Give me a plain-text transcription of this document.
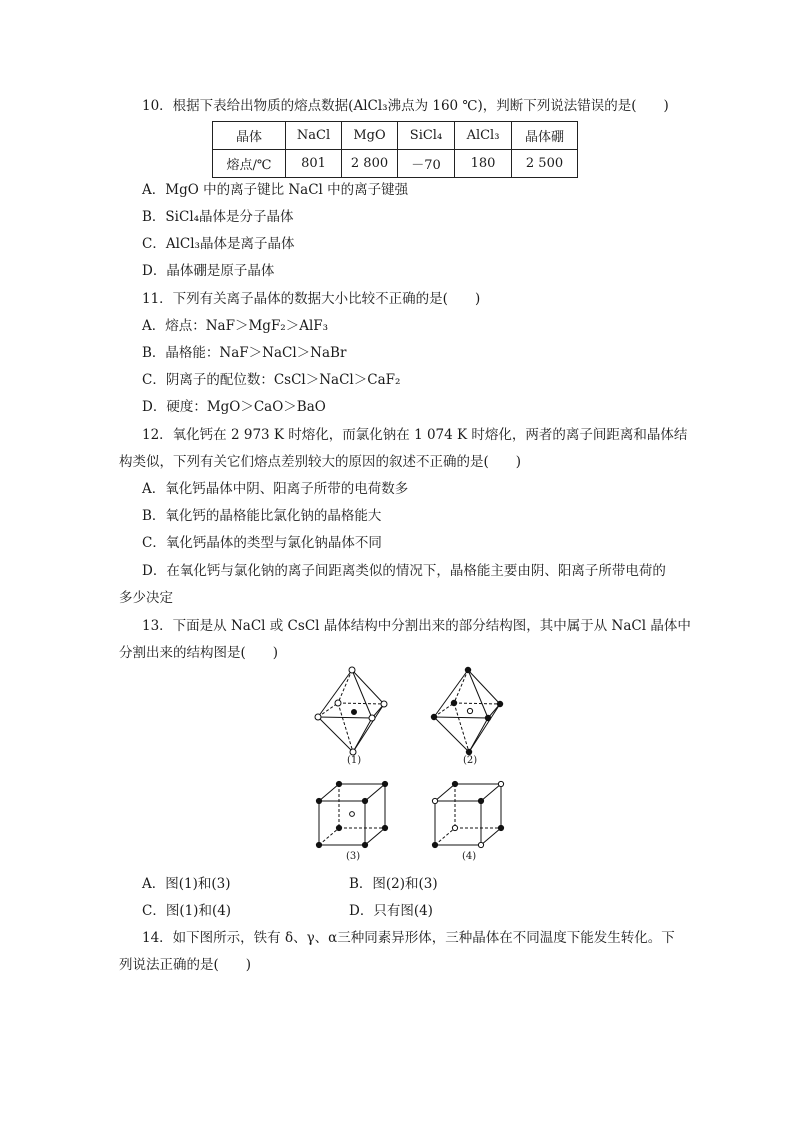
10．根据下表给出物质的熔点数据(AlCl₃沸点为 160 ℃)，判断下列说法错误的是(　　)
晶体	NaCl	MgO	SiCl₄	AlCl₃	晶体硼
熔点/℃	801	2 800	－70	180	2 500
A．MgO 中的离子键比 NaCl 中的离子键强
B．SiCl₄晶体是分子晶体
C．AlCl₃晶体是离子晶体
D．晶体硼是原子晶体
11．下列有关离子晶体的数据大小比较不正确的是(　　)
A．熔点：NaF＞MgF₂＞AlF₃
B．晶格能：NaF＞NaCl＞NaBr
C．阴离子的配位数：CsCl＞NaCl＞CaF₂
D．硬度：MgO＞CaO＞BaO
12．氧化钙在 2 973 K 时熔化，而氯化钠在 1 074 K 时熔化，两者的离子间距离和晶体结
构类似，下列有关它们熔点差别较大的原因的叙述不正确的是(　　)
A．氧化钙晶体中阴、阳离子所带的电荷数多
B．氧化钙的晶格能比氯化钠的晶格能大
C．氧化钙晶体的类型与氯化钠晶体不同
D．在氧化钙与氯化钠的离子间距离类似的情况下，晶格能主要由阴、阳离子所带电荷的
多少决定
13．下面是从 NaCl 或 CsCl 晶体结构中分割出来的部分结构图，其中属于从 NaCl 晶体中
分割出来的结构图是(　　)
(1)	(2)
(3)	(4)
A．图(1)和(3)	B．图(2)和(3)
C．图(1)和(4)	D．只有图(4)
14．如下图所示，铁有 δ、γ、α三种同素异形体，三种晶体在不同温度下能发生转化。下
列说法正确的是(　　)
